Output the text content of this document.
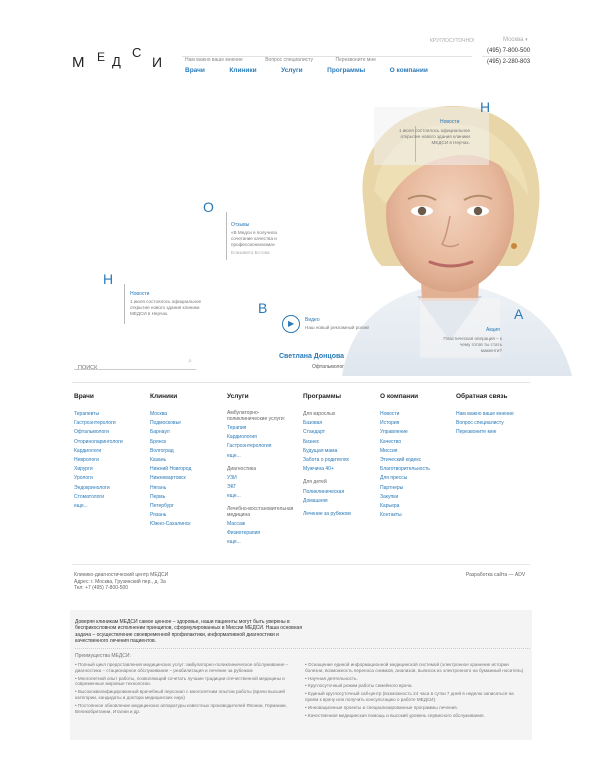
М Е Д
С
И	Нам важно ваше мнение	Вопрос специалисту	Перезвоните мне
Врачи	Клиники	Услуги	Программы	О компании
КРУГЛОСУТОЧНО!	Москва ▾
(495) 7-800-500
(495) 2-280-803
Н
О
Н
В	А
Новости
1 июля состоялось официальное открытие нового здания клиники МЕДСИ в Нерчах.
Отзывы
«В Медси я получила сочетание качества и профессионализма»
Елизавета Бстова
Новости
1 июля состоялось официальное открытие нового здания клиники МЕДСИ в Нерчах.
▶ Видео
Наш новый рекламный ролик!	Акция
Пластическая операция – к чему готов ты стать маменти?
Светлана Донцова
Офтальмолог
ПОИСК
⌕
Врачи
Терапевты
Гастроэнтерологи
Офтальмологи
Оториноларингологи
Кардиологи
Неврологи
Хирурги
Урологи
Эндокринологи
Стоматологи
еще...
Клиники
Москва
Подмосковье
Барнаул
Брянск
Волгоград
Казань
Нижний Новгород
Нижневартовск
Нягань
Пермь
Петербург
Рязань
Южно-Сахалинск
Услуги
Амбулаторно-поликлинические услуги:
Терапия
Кардиология
Гастроэнтерология
еще...
Диагностика
УЗИ
ЭКГ
еще...
Лечебно-восстановительная медицина
Массаж
Физиотерапия
еще...
Программы
Для взрослых
Базовая
Стандарт
Бизнес
Будущая мама
Забота о родителях
Мужчина 40+
Для детей
Поликлиническая
Домашняя
Лечение за рубежом
О компании
Новости
История
Управление
Качество
Миссия
Этический кодекс
Благотворительность
Для прессы
Партнеры
Закупки
Карьера
Контакты
Обратная связь
Нам важно ваше мнение
Вопрос специалисту
Перезвоните мне
Клинико-диагностический центр МЕДСИ
Адрес: г. Москва, Грузинский пер., д. 3а
Тел: +7 (495) 7-800-500
Разработка сайта — ADV
Доверяя клиникам МЕДСИ самое ценное – здоровье, наши пациенты могут быть уверены в бесприкословном исполнении принципов, сформулированных в Миссии МЕДСИ. Наша основная задача – осуществление своевременной профилактики, информативной диагностики и качественного лечения пациентов.
Преимущества МЕДСИ:
• Полный цикл предоставления медицинских услуг: амбулаторно-поликлиническое обслуживание – диагностика – стационарное обслуживание – реабилитация и лечение за рубежом
• Многолетний опыт работы, позволяющий сочетать лучшие традиции отечественной медицины и современные мировые технологии.
• Высококвалифицированный врачебный персонал с многолетним опытом работы (врачи высшей категории, кандидаты и доктора медицинских наук)
• Постоянное обновление медицинских аппаратуры известных производителей Японии, Германии, Великобритании, Италии и др.
• Оснащение единой информационной медицинской системой (электронное хранение истории болезни, возможность переноса снимков, анализов, выписок из электронного на бумажный носитель)
• Научная деятельность.
• Круглосуточный режим работы семейного врача.
• Единый круглосуточный call-центр (возможность 24 часа в сутки 7 дней в неделю записаться на прием к врачу или получить консультацию о работе МЕДСИ).
• Инновационные проекты и специализированные программы лечения.
• Качественная медицинская помощь и высокий уровень сервисного обслуживания.
